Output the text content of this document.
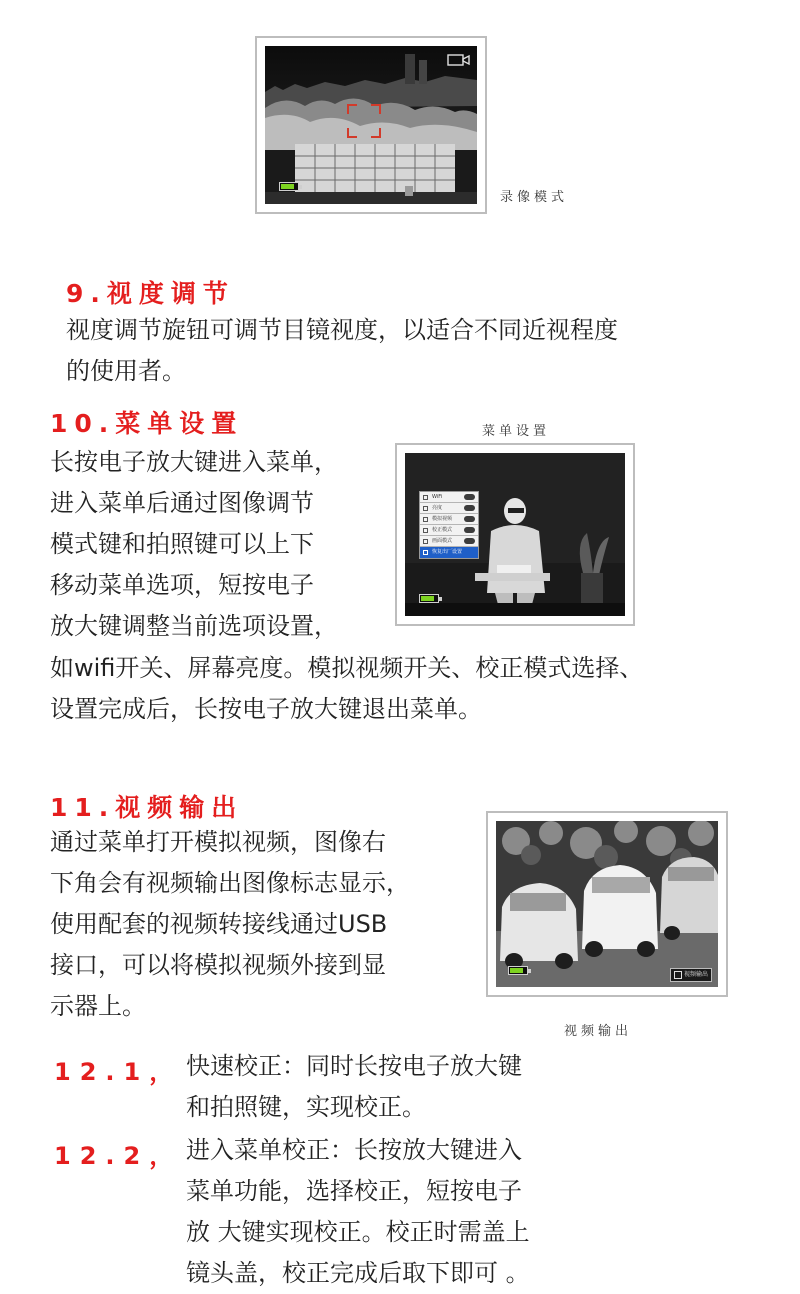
录像模式
9.视度调节

视度调节旋钮可调节目镜视度，以适合不同近视程度
的使用者。

10.菜单设置	菜单设置

长按电子放大键进入菜单，
进入菜单后通过图像调节
模式键和拍照键可以上下
移动菜单选项，短按电子
放大键调整当前选项设置，

WiFi
亮度
模拟视频
校正模式
画面模式
恢复出厂设置

如wifi开关、屏幕亮度。模拟视频开关、校正模式选择、
设置完成后，长按电子放大键退出菜单。

11.视频输出

通过菜单打开模拟视频，图像右
下角会有视频输出图像标志显示，
使用配套的视频转接线通过USB
接口，可以将模拟视频外接到显
示器上。

视频输出
视频输出
12.1， 快速校正：同时长按电子放大键
和拍照键，实现校正。

12.2， 进入菜单校正：长按放大键进入
菜单功能，选择校正，短按电子
放 大键实现校正。校正时需盖上
镜头盖，校正完成后取下即可 。
